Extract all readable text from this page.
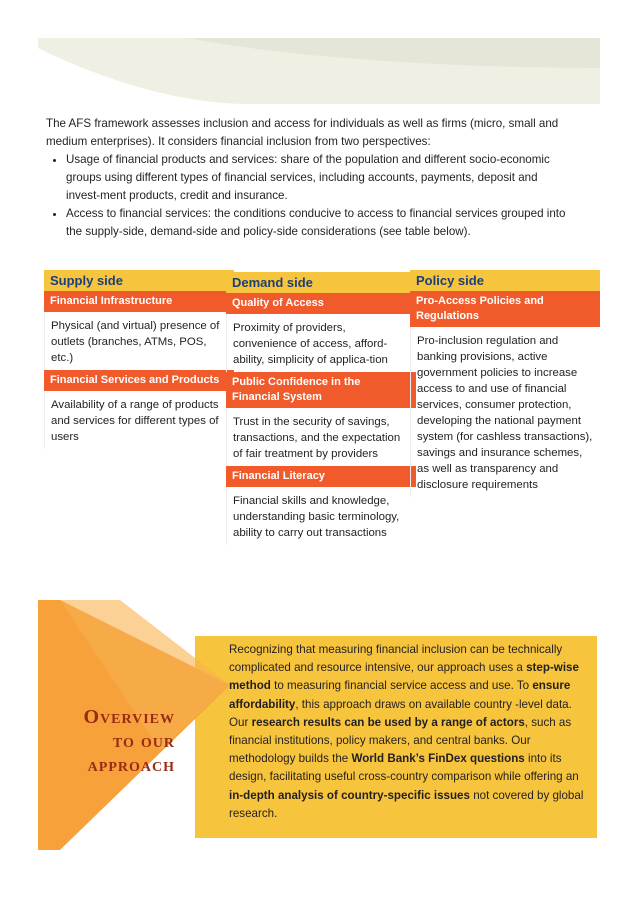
The AFS framework assesses inclusion and access for individuals as well as firms (micro, small and medium enterprises). It considers financial inclusion from two perspectives:

• Usage of financial products and services: share of the population and different socio-economic groups using different types of financial services, including accounts, payments, deposit and invest-ment products, credit and insurance.
• Access to financial services: the conditions conducive to access to financial services grouped into the supply-side, demand-side and policy-side considerations (see table below).
Supply side
Financial Infrastructure
Physical (and virtual) presence of outlets (branches, ATMs, POS, etc.)
Financial Services and Products
Availability of a range of products and services for different types of users
Demand side
Quality of Access
Proximity of providers, convenience of access, afford-ability, simplicity of applica-tion
Public Confidence in the Financial System
Trust in the security of savings, transactions, and the expectation of fair treatment by providers
Financial Literacy
Financial skills and knowledge, understanding basic terminology, ability to carry out transactions
Policy side
Pro-Access Policies and Regulations
Pro-inclusion regulation and banking provisions, active government policies to increase access to and use of financial services, consumer protection, developing the national payment system (for cashless transactions), savings and insurance schemes, as well as transparency and disclosure requirements
Overview
to our
approach

Recognizing that measuring financial inclusion can be technically complicated and resource intensive, our approach uses a step-wise method to measuring financial service access and use. To ensure affordability, this approach draws on available country -level data. Our research results can be used by a range of actors, such as financial institutions, policy makers, and central banks. Our methodology builds the World Bank’s FinDex questions into its design, facilitating useful cross-country comparison while offering an in-depth analysis of country-specific issues not covered by global research.
